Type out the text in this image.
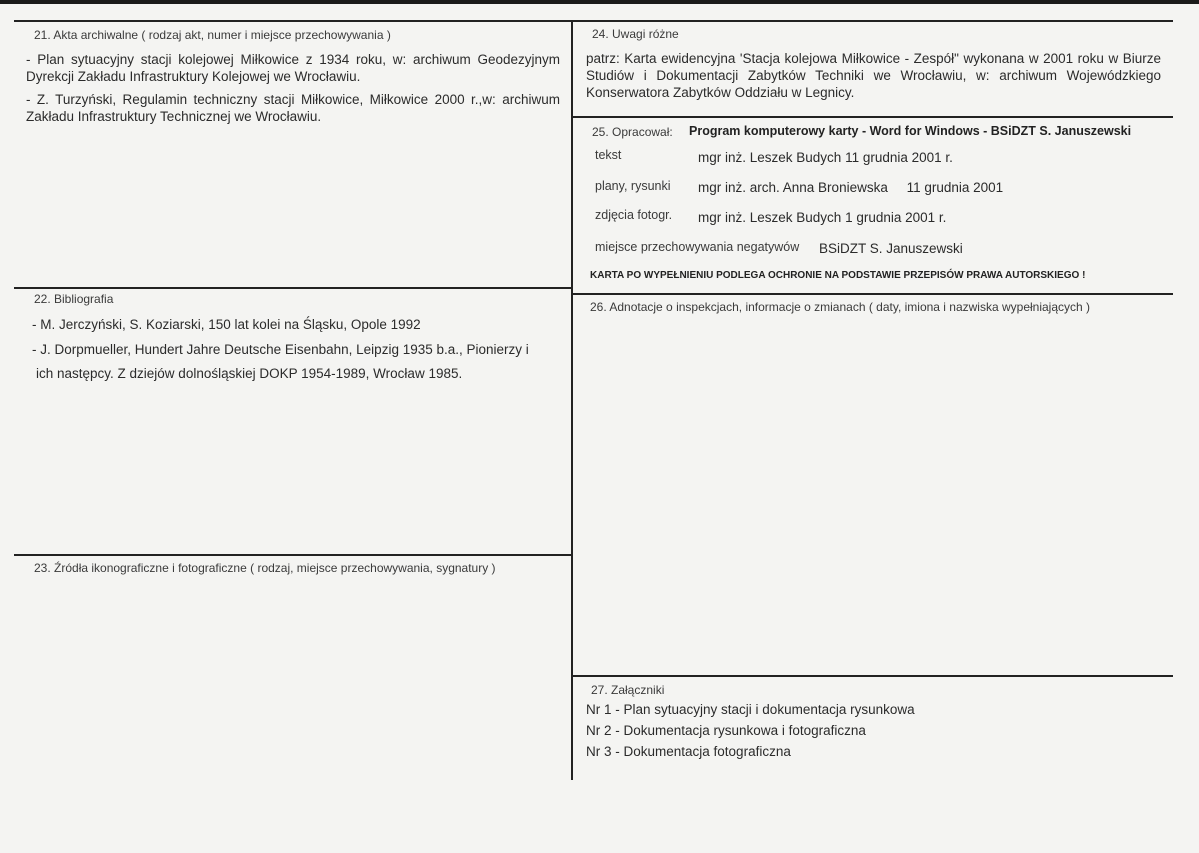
21. Akta archiwalne ( rodzaj akt, numer i miejsce przechowywania )
- Plan sytuacyjny stacji kolejowej Miłkowice z 1934 roku, w: archiwum Geodezyjnym Dyrekcji Zakładu Infrastruktury Kolejowej we Wrocławiu.
- Z. Turzyński, Regulamin techniczny stacji Miłkowice, Miłkowice 2000 r.,w: archiwum Zakładu Infrastruktury Technicznej we Wrocławiu.
22. Bibliografia
- M. Jerczyński, S. Koziarski, 150 lat kolei na Śląsku, Opole 1992
- J. Dorpmueller, Hundert Jahre Deutsche Eisenbahn, Leipzig 1935 b.a., Pionierzy i
ich następcy. Z dziejów dolnośląskiej DOKP 1954-1989, Wrocław 1985.
23. Źródła ikonograficzne i fotograficzne ( rodzaj, miejsce przechowywania, sygnatury )
24. Uwagi różne
patrz: Karta ewidencyjna 'Stacja kolejowa Miłkowice - Zespół" wykonana w 2001 roku w Biurze Studiów i Dokumentacji Zabytków Techniki we Wrocławiu, w: archiwum Wojewódzkiego Konserwatora Zabytków Oddziału w Legnicy.
25. Opracował: Program komputerowy karty - Word for Windows - BSiDZT S. Januszewski
tekst	mgr inż. Leszek Budych 11 grudnia 2001 r.
plany, rysunki mgr inż. arch. Anna Broniewska     11 grudnia 2001
zdjęcia fotogr. mgr inż. Leszek Budych 1 grudnia 2001 r.
miejsce przechowywania negatywów BSiDZT S. Januszewski
KARTA PO WYPEŁNIENIU PODLEGA OCHRONIE NA PODSTAWIE PRZEPISÓW PRAWA AUTORSKIEGO !
26. Adnotacje o inspekcjach, informacje o zmianach ( daty, imiona i nazwiska wypełniających )
27. Załączniki
Nr 1 - Plan sytuacyjny stacji i dokumentacja rysunkowa
Nr 2 - Dokumentacja rysunkowa i fotograficzna
Nr 3 - Dokumentacja fotograficzna
